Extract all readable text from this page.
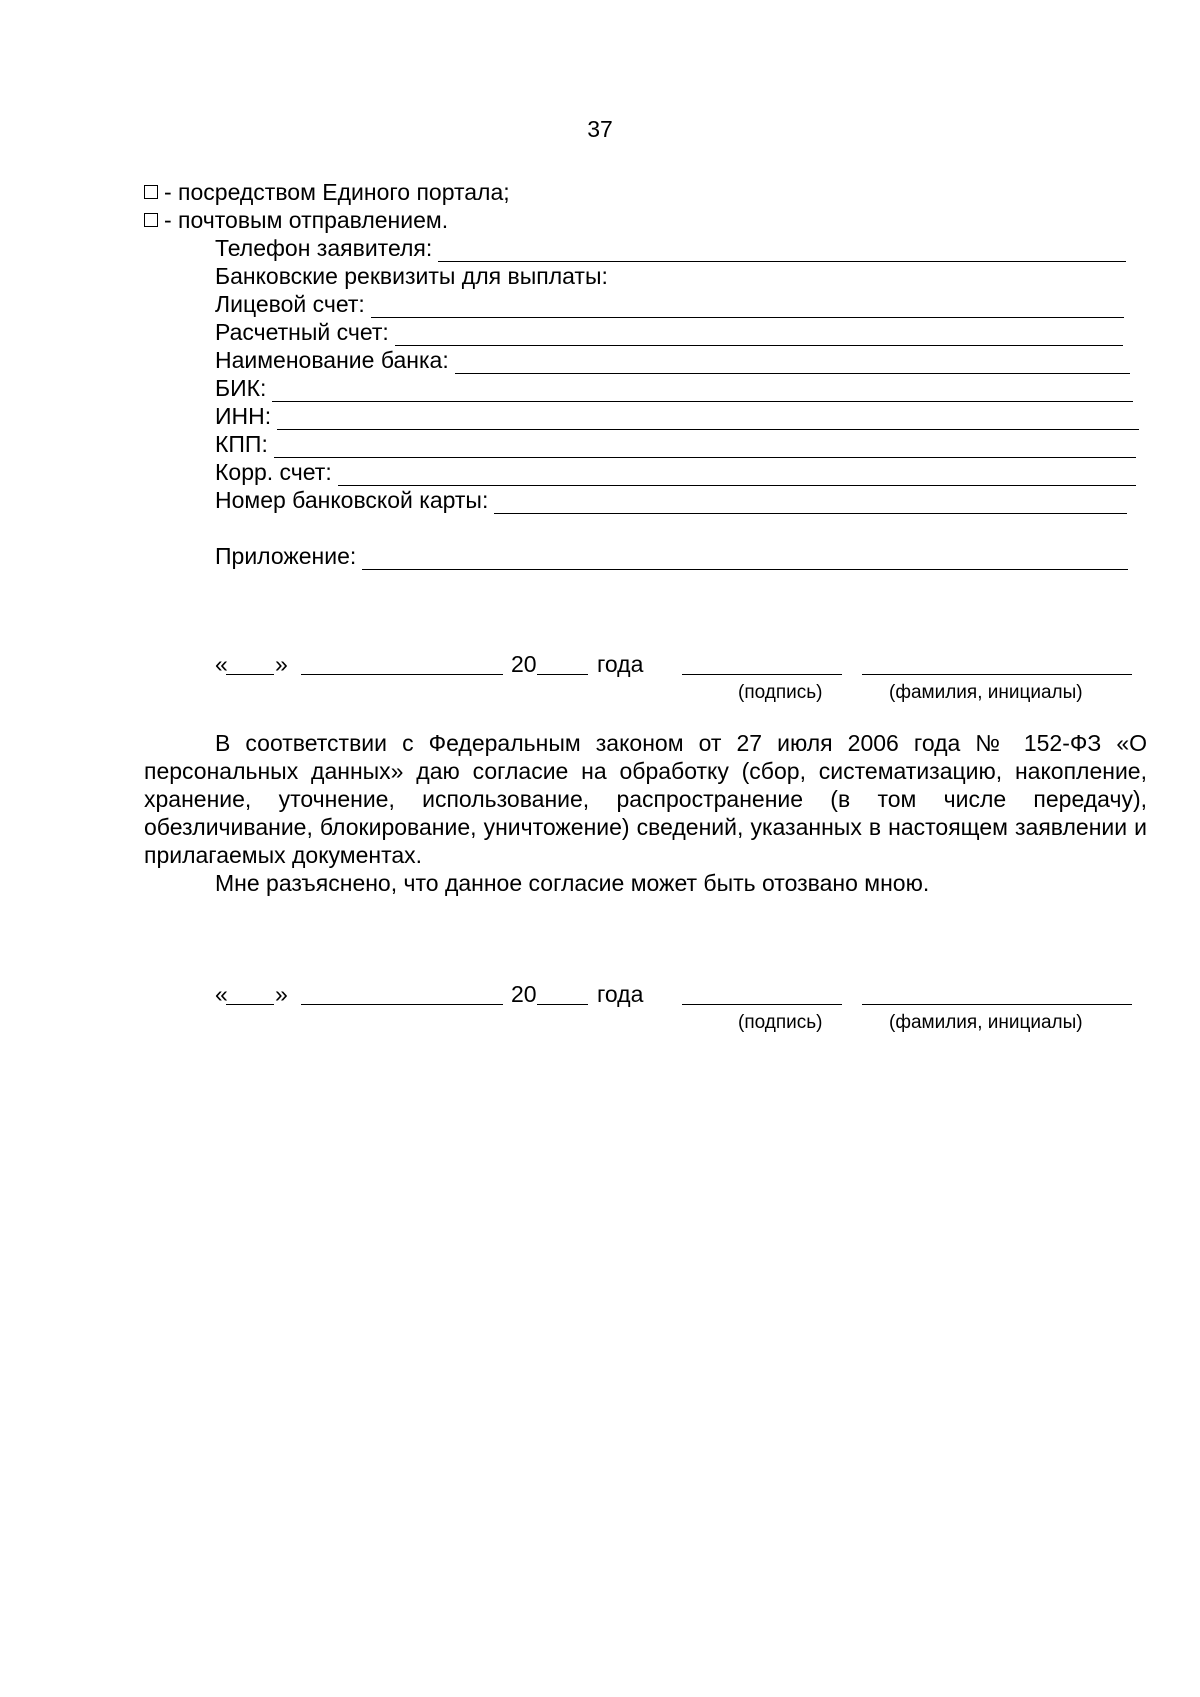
37
- посредством Единого портала;
- почтовым отправлением.
Телефон заявителя:
Банковские реквизиты для выплаты:
Лицевой счет:
Расчетный счет:
Наименование банка:
БИК:
ИНН:
КПП:
Корр. счет:
Номер банковской карты:
Приложение:
« »	20	года
(подпись)	(фамилия, инициалы)
В соответствии с Федеральным законом от 27 июля 2006 года № 152-ФЗ «О персональных данных» даю согласие на обработку (сбор, систематизацию, накопление, хранение, уточнение, использование, распространение (в том числе передачу), обезличивание, блокирование, уничтожение) сведений, указанных в настоящем заявлении и прилагаемых документах.
Мне разъяснено, что данное согласие может быть отозвано мною.
« »	20	года
(подпись)	(фамилия, инициалы)
